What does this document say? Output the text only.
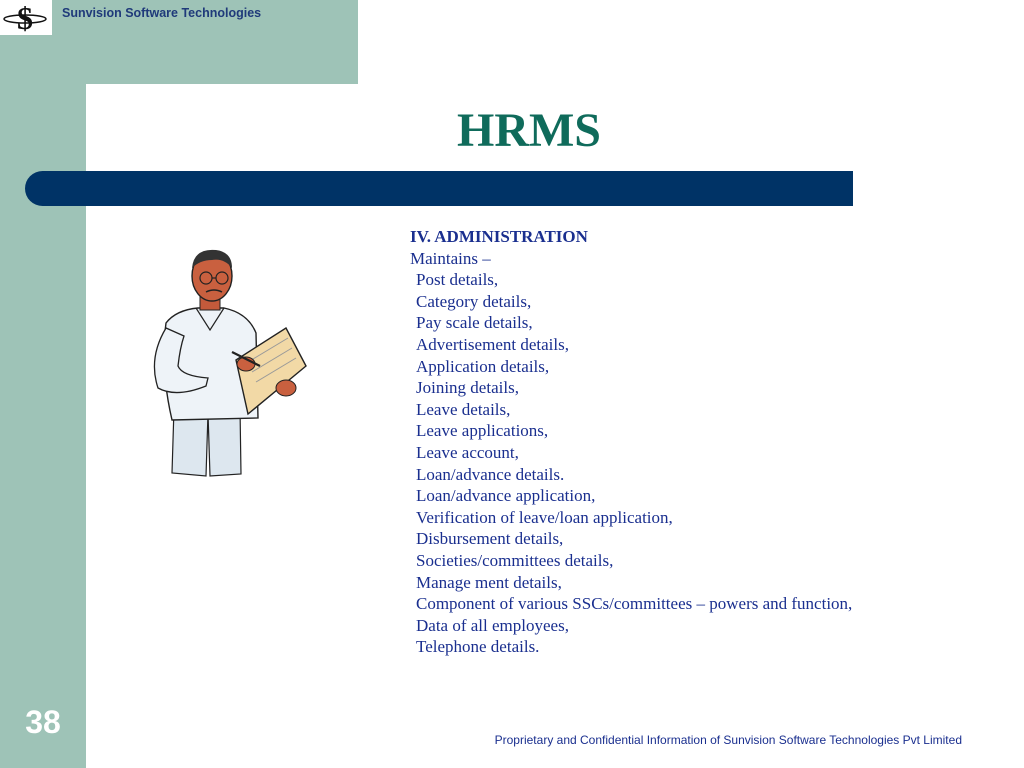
$ Sunvision Software Technologies
HRMS
IV. ADMINISTRATION
Maintains –
Post details,
Category details,
Pay scale details,
Advertisement details,
Application details,
Joining details,
Leave details,
Leave applications,
Leave account,
Loan/advance details.
Loan/advance application,
Verification of leave/loan application,
Disbursement details,
Societies/committees details,
Manage ment details,
Component of various SSCs/committees – powers and function,
Data of all employees,
Telephone details.
38	Proprietary and Confidential Information of Sunvision Software Technologies Pvt Limited
